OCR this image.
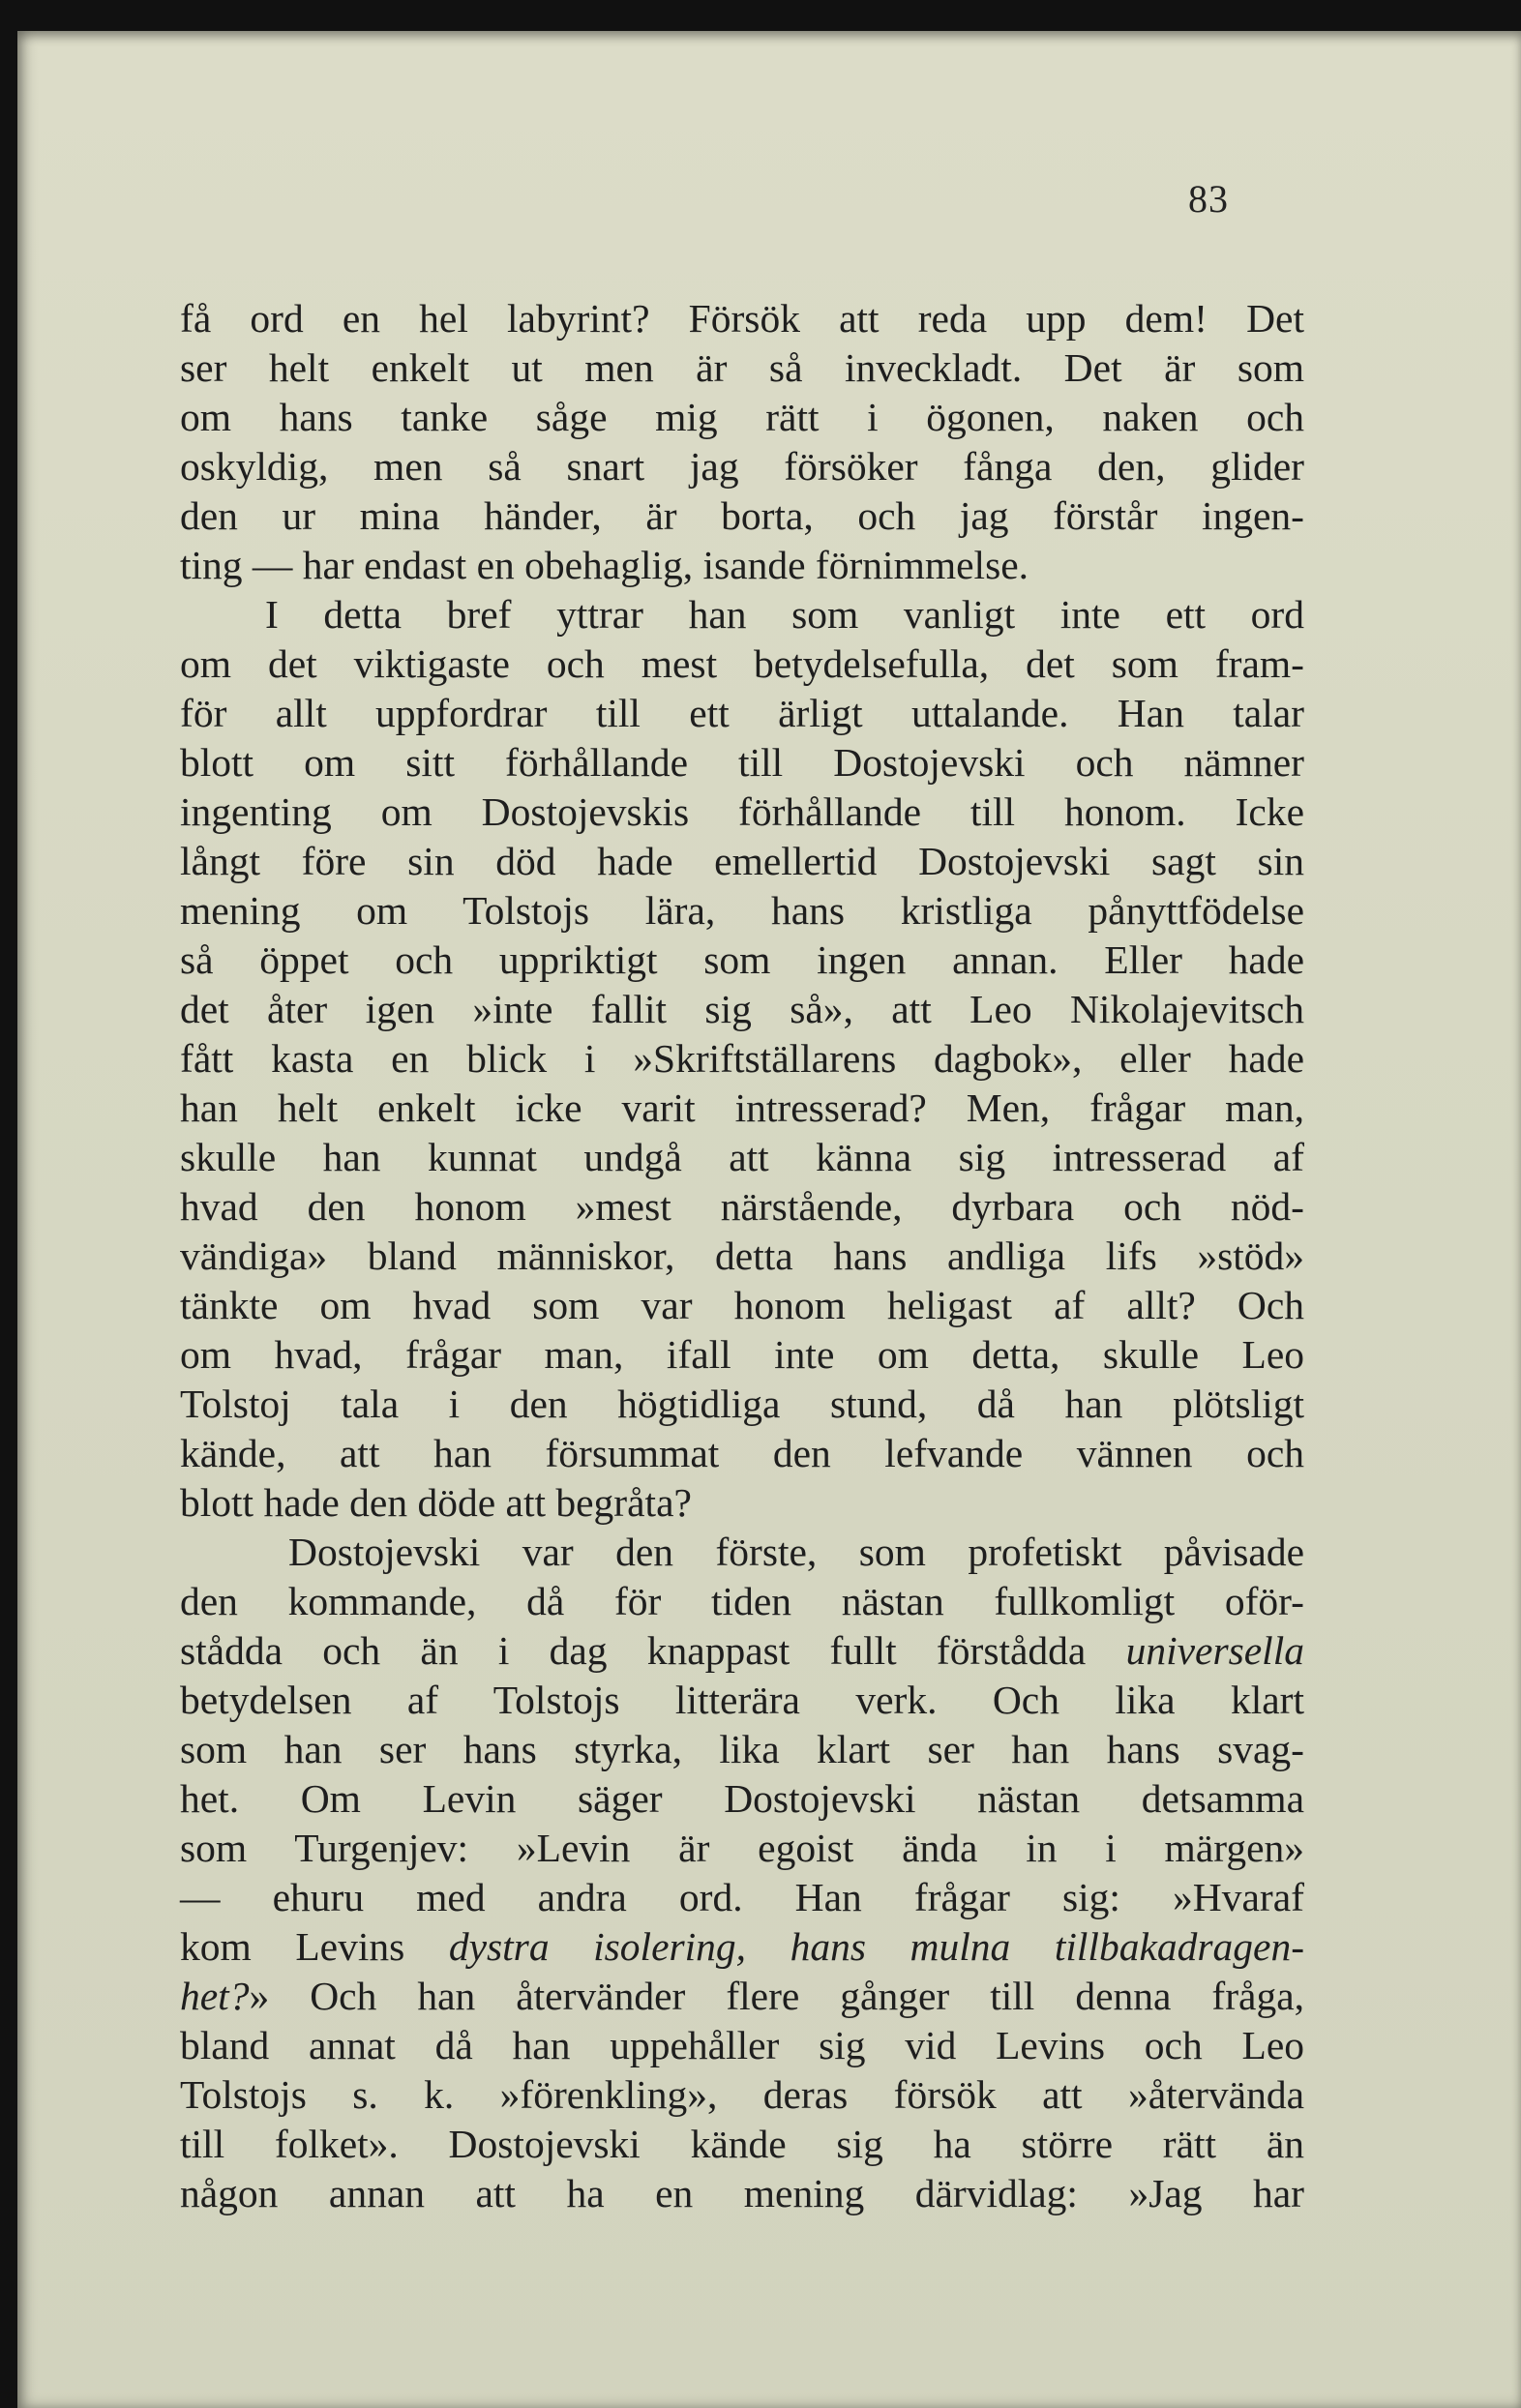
83
få ord en hel labyrint? Försök att reda upp dem! Det
ser helt enkelt ut men är så inveckladt. Det är som
om hans tanke såge mig rätt i ögonen, naken och
oskyldig, men så snart jag försöker fånga den, glider
den ur mina händer, är borta, och jag förstår ingen-
ting — har endast en obehaglig, isande förnimmelse.
I detta bref yttrar han som vanligt inte ett ord
om det viktigaste och mest betydelsefulla, det som fram-
för allt uppfordrar till ett ärligt uttalande. Han talar
blott om sitt förhållande till Dostojevski och nämner
ingenting om Dostojevskis förhållande till honom. Icke
långt före sin död hade emellertid Dostojevski sagt sin
mening om Tolstojs lära, hans kristliga pånyttfödelse
så öppet och uppriktigt som ingen annan. Eller hade
det åter igen »inte fallit sig så», att Leo Nikolajevitsch
fått kasta en blick i »Skriftställarens dagbok», eller hade
han helt enkelt icke varit intresserad? Men, frågar man,
skulle han kunnat undgå att känna sig intresserad af
hvad den honom »mest närstående, dyrbara och nöd-
vändiga» bland människor, detta hans andliga lifs »stöd»
tänkte om hvad som var honom heligast af allt? Och
om hvad, frågar man, ifall inte om detta, skulle Leo
Tolstoj tala i den högtidliga stund, då han plötsligt
kände, att han försummat den lefvande vännen och
blott hade den döde att begråta?
Dostojevski var den förste, som profetiskt påvisade
den kommande, då för tiden nästan fullkomligt oför-
stådda och än i dag knappast fullt förstådda universella
betydelsen af Tolstojs litterära verk. Och lika klart
som han ser hans styrka, lika klart ser han hans svag-
het. Om Levin säger Dostojevski nästan detsamma
som Turgenjev: »Levin är egoist ända in i märgen»
— ehuru med andra ord. Han frågar sig: »Hvaraf
kom Levins dystra isolering, hans mulna tillbakadragen-
het?» Och han återvänder flere gånger till denna fråga,
bland annat då han uppehåller sig vid Levins och Leo
Tolstojs s. k. »förenkling», deras försök att »återvända
till folket». Dostojevski kände sig ha större rätt än
någon annan att ha en mening därvidlag: »Jag har
